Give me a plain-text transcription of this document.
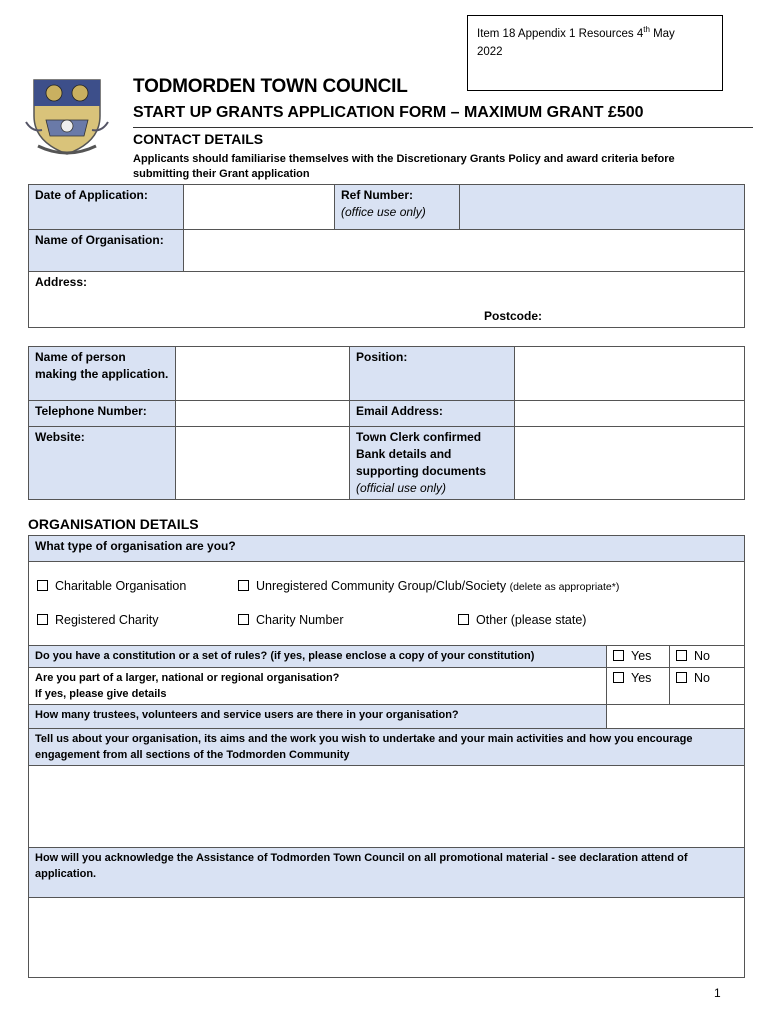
Item 18 Appendix 1 Resources 4th May
2022
TODMORDEN TOWN COUNCIL
START UP GRANTS APPLICATION FORM – MAXIMUM GRANT £500
CONTACT DETAILS
Applicants should familiarise themselves with the Discretionary Grants Policy and award criteria before submitting their Grant application
Date of Application:		Ref Number:
(office use only)	
Name of Organisation:			
Address:
Postcode:			
Name of person making the application.		Position:	
Telephone Number:		Email Address:	
Website:		Town Clerk confirmed Bank details and supporting documents
(official use only)	
ORGANISATION DETAILS
What type of organisation are you?		

Charitable Organisation Unregistered Community Group/Club/Society (delete as appropriate*)
Registered Charity Charity Number Other (please state)		

Do you have a constitution or a set of rules? (if yes, please enclose a copy of your constitution)	Yes	No
Are you part of a larger, national or regional organisation?
If yes, please give details	Yes	No
How many trustees, volunteers and service users are there in your organisation?		
Tell us about your organisation, its aims and the work you wish to undertake and your main activities and how you encourage engagement from all sections of the Todmorden Community		

How will you acknowledge the Assistance of Todmorden Town Council on all promotional material - see declaration attend of application.		

1
